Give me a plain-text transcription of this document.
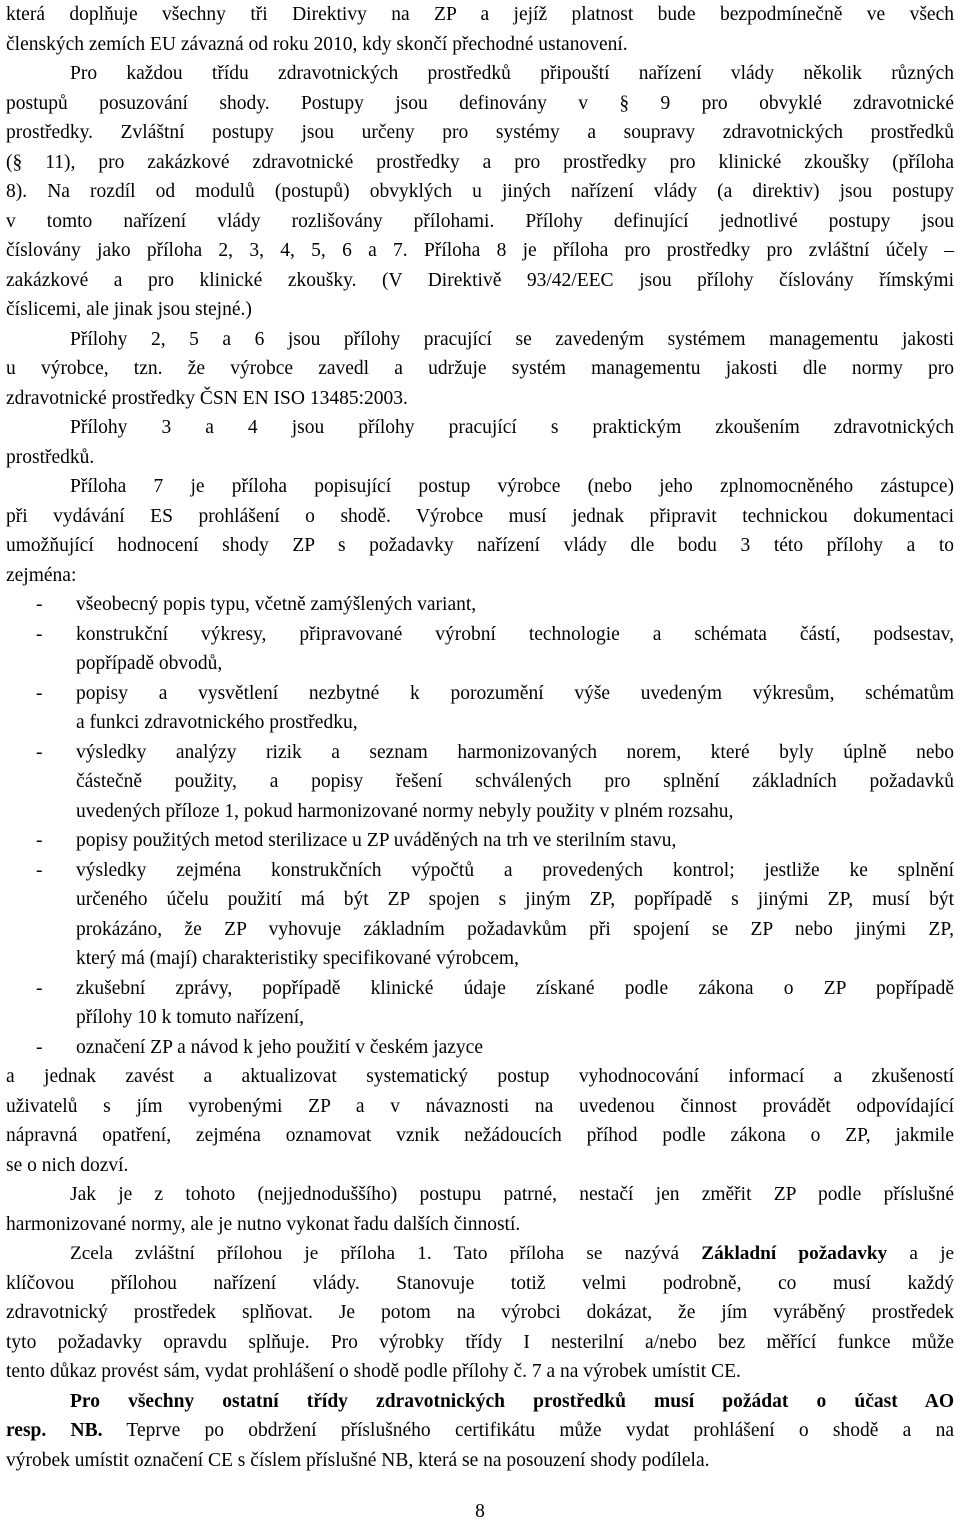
která doplňuje všechny tři Direktivy na ZP a jejíž platnost bude bezpodmínečně ve všech
členských zemích EU závazná od roku 2010, kdy skončí přechodné ustanovení.
Pro každou třídu zdravotnických prostředků připouští nařízení vlády několik různých
postupů posuzování shody. Postupy jsou definovány v § 9 pro obvyklé zdravotnické
prostředky. Zvláštní postupy jsou určeny pro systémy a soupravy zdravotnických prostředků
(§ 11), pro zakázkové zdravotnické prostředky a pro prostředky pro klinické zkoušky (příloha
8). Na rozdíl od modulů (postupů) obvyklých u jiných nařízení vlády (a direktiv) jsou postupy
v tomto nařízení vlády rozlišovány přílohami. Přílohy definující jednotlivé postupy jsou
číslovány jako příloha 2, 3, 4, 5, 6 a 7. Příloha 8 je příloha pro prostředky pro zvláštní účely –
zakázkové a pro klinické zkoušky. (V Direktivě 93/42/EEC jsou přílohy číslovány římskými
číslicemi, ale jinak jsou stejné.)
Přílohy 2, 5 a 6 jsou přílohy pracující se zavedeným systémem managementu jakosti
u výrobce, tzn. že výrobce zavedl a udržuje systém managementu jakosti dle normy pro
zdravotnické prostředky ČSN EN ISO 13485:2003.
Přílohy 3 a 4 jsou přílohy pracující s praktickým zkoušením zdravotnických
prostředků.
Příloha 7 je příloha popisující postup výrobce (nebo jeho zplnomocněného zástupce)
při vydávání ES prohlášení o shodě. Výrobce musí jednak připravit technickou dokumentaci
umožňující hodnocení shody ZP s požadavky nařízení vlády dle bodu 3 této přílohy a to
zejména:
- všeobecný popis typu, včetně zamýšlených variant,
- konstrukční výkresy, připravované výrobní technologie a schémata částí, podsestav,
popřípadě obvodů,
- popisy a vysvětlení nezbytné k porozumění výše uvedeným výkresům, schématům
a funkci zdravotnického prostředku,
- výsledky analýzy rizik a seznam harmonizovaných norem, které byly úplně nebo
částečně použity, a popisy řešení schválených pro splnění základních požadavků
uvedených příloze 1, pokud harmonizované normy nebyly použity v plném rozsahu,
- popisy použitých metod sterilizace u ZP uváděných na trh ve sterilním stavu,
- výsledky zejména konstrukčních výpočtů a provedených kontrol; jestliže ke splnění
určeného účelu použití má být ZP spojen s jiným ZP, popřípadě s jinými ZP, musí být
prokázáno, že ZP vyhovuje základním požadavkům při spojení se ZP nebo jinými ZP,
který má (mají) charakteristiky specifikované výrobcem,
- zkušební zprávy, popřípadě klinické údaje získané podle zákona o ZP popřípadě
přílohy 10 k tomuto nařízení,
- označení ZP a návod k jeho použití v českém jazyce
a jednak zavést a aktualizovat systematický postup vyhodnocování informací a zkušeností
uživatelů s jím vyrobenými ZP a v návaznosti na uvedenou činnost provádět odpovídající
nápravná opatření, zejména oznamovat vznik nežádoucích příhod podle zákona o ZP, jakmile
se o nich dozví.
Jak je z tohoto (nejjednoduššího) postupu patrné, nestačí jen změřit ZP podle příslušné
harmonizované normy, ale je nutno vykonat řadu dalších činností.
Zcela zvláštní přílohou je příloha 1. Tato příloha se nazývá Základní požadavky a je
klíčovou přílohou nařízení vlády. Stanovuje totiž velmi podrobně, co musí každý
zdravotnický prostředek splňovat. Je potom na výrobci dokázat, že jím vyráběný prostředek
tyto požadavky opravdu splňuje. Pro výrobky třídy I nesterilní a/nebo bez měřící funkce může
tento důkaz provést sám, vydat prohlášení o shodě podle přílohy č. 7 a na výrobek umístit CE.
Pro všechny ostatní třídy zdravotnických prostředků musí požádat o účast AO
resp. NB. Teprve po obdržení příslušného certifikátu může vydat prohlášení o shodě a na
výrobek umístit označení CE s číslem příslušné NB, která se na posouzení shody podílela.
8
